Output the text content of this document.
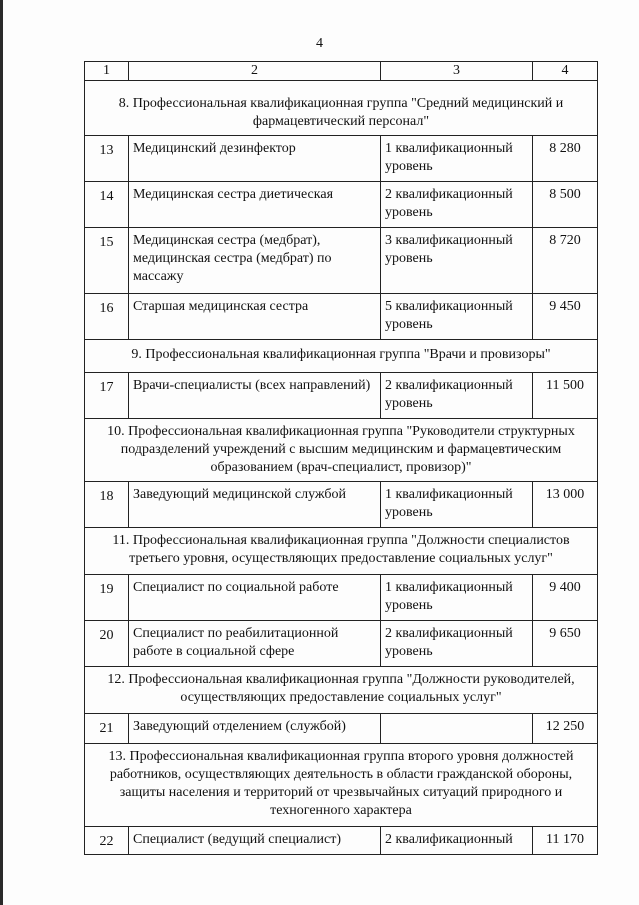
4
1	2	3	4
8. Профессиональная квалификационная группа "Средний медицинский и фармацевтический персонал"			
13	Медицинский дезинфектор	1 квалификационный уровень	8 280
14	Медицинская сестра диетическая	2 квалификационный уровень	8 500
15	Медицинская сестра (медбрат), медицинская сестра (медбрат) по массажу	3 квалификационный уровень	8 720
16	Старшая медицинская сестра	5 квалификационный уровень	9 450
9. Профессиональная квалификационная группа "Врачи и провизоры"			
17	Врачи-специалисты (всех направлений)	2 квалификационный уровень	11 500
10. Профессиональная квалификационная группа "Руководители структурных подразделений учреждений с высшим медицинским и фармацевтическим образованием (врач-специалист, провизор)"			
18	Заведующий медицинской службой	1 квалификационный уровень	13 000
11. Профессиональная квалификационная группа "Должности специалистов третьего уровня, осуществляющих предоставление социальных услуг"			
19	Специалист по социальной работе	1 квалификационный уровень	9 400
20	Специалист по реабилитационной работе в социальной сфере	2 квалификационный уровень	9 650
12. Профессиональная квалификационная группа "Должности руководителей, осуществляющих предоставление социальных услуг"			
21	Заведующий отделением (службой)		12 250
13. Профессиональная квалификационная группа второго уровня должностей работников, осуществляющих деятельность в области гражданской обороны, защиты населения и территорий от чрезвычайных ситуаций природного и техногенного характера			
22	Специалист (ведущий специалист)	2 квалификационный	11 170
